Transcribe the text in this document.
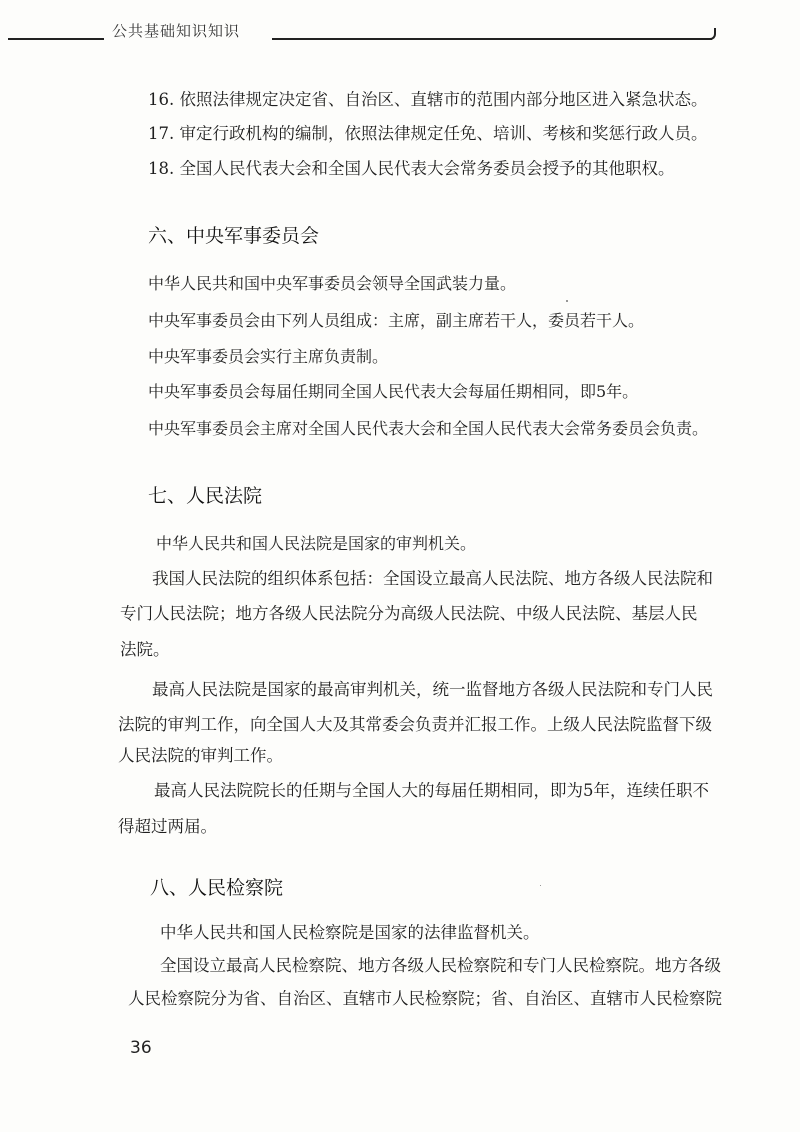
公共基础知识知识
16. 依照法律规定决定省、自治区、直辖市的范围内部分地区进入紧急状态。
17. 审定行政机构的编制，依照法律规定任免、培训、考核和奖惩行政人员。
18. 全国人民代表大会和全国人民代表大会常务委员会授予的其他职权。
六、中央军事委员会
中华人民共和国中央军事委员会领导全国武装力量。
中央军事委员会由下列人员组成：主席，副主席若干人，委员若干人。
中央军事委员会实行主席负责制。
中央军事委员会每届任期同全国人民代表大会每届任期相同，即5年。
中央军事委员会主席对全国人民代表大会和全国人民代表大会常务委员会负责。
七、人民法院
中华人民共和国人民法院是国家的审判机关。
我国人民法院的组织体系包括：全国设立最高人民法院、地方各级人民法院和
专门人民法院；地方各级人民法院分为高级人民法院、中级人民法院、基层人民
法院。
最高人民法院是国家的最高审判机关，统一监督地方各级人民法院和专门人民
法院的审判工作，向全国人大及其常委会负责并汇报工作。上级人民法院监督下级
人民法院的审判工作。
最高人民法院院长的任期与全国人大的每届任期相同，即为5年，连续任职不
得超过两届。
八、人民检察院
中华人民共和国人民检察院是国家的法律监督机关。
全国设立最高人民检察院、地方各级人民检察院和专门人民检察院。地方各级
人民检察院分为省、自治区、直辖市人民检察院；省、自治区、直辖市人民检察院
36
